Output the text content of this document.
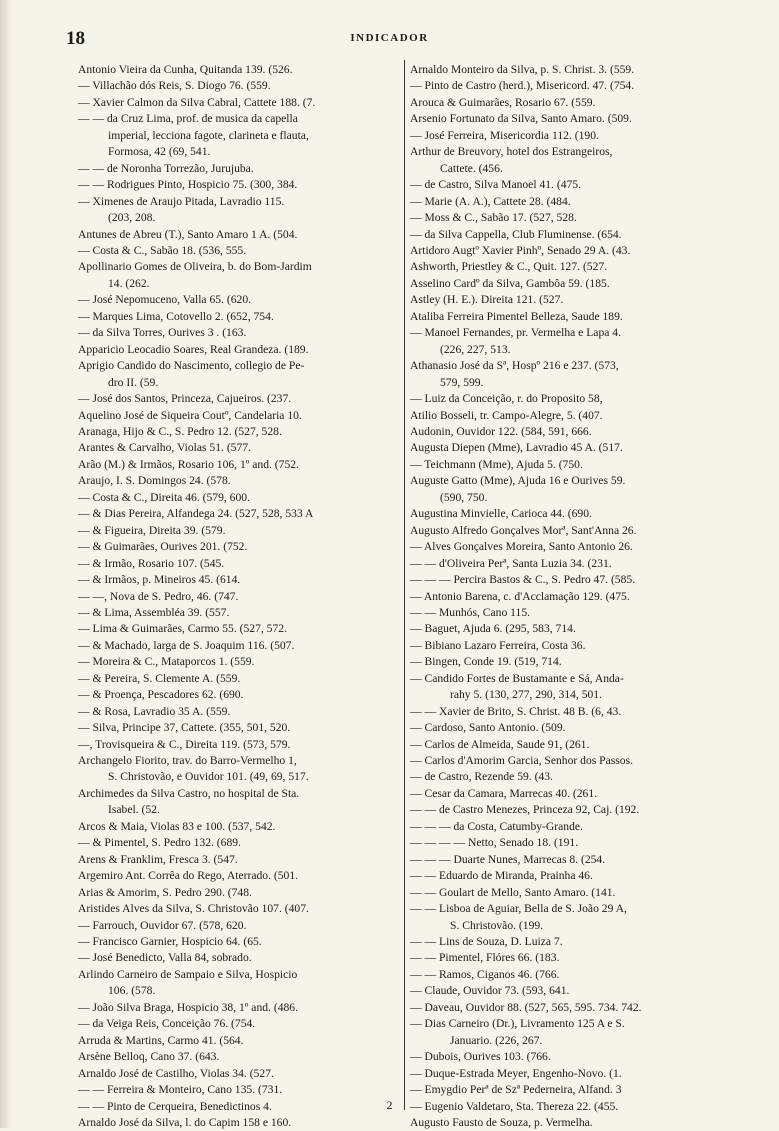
18	INDICADOR
Antonio Vieira da Cunha, Quitanda 139. (526.
— Villachão dós Reis, S. Diogo 76. (559.
— Xavier Calmon da Silva Cabral, Cattete 188. (7.
— — da Cruz Lima, prof. de musica da capella
imperial, lecciona fagote, clarineta e flauta,
Formosa, 42 (69, 541.
— — de Noronha Torrezão, Jurujuba.
— — Rodrigues Pinto, Hospicio 75. (300, 384.
— Ximenes de Araujo Pitada, Lavradio 115.
(203, 208.
Antunes de Abreu (T.), Santo Amaro 1 A. (504.
— Costa & C., Sabão 18. (536, 555.
Apollinario Gomes de Oliveira, b. do Bom-Jardim
14. (262.
— José Nepomuceno, Valla 65. (620.
— Marques Lima, Cotovello 2. (652, 754.
— da Silva Torres, Ourives 3 . (163.
Apparicio Leocadio Soares, Real Grandeza. (189.
Aprigio Candido do Nascimento, collegio de Pe-
dro II. (59.
— José dos Santos, Princeza, Cajueiros. (237.
Aquelino José de Siqueira Coutº, Candelaria 10.
Aranaga, Hijo & C., S. Pedro 12. (527, 528.
Arantes & Carvalho, Violas 51. (577.
Arão (M.) & Irmãos, Rosario 106, 1º and. (752.
Araujo, I. S. Domingos 24. (578.
— Costa & C., Direita 46. (579, 600.
— & Dias Pereira, Alfandega 24. (527, 528, 533 A
— & Figueira, Direita 39. (579.
— & Guimarães, Ourives 201. (752.
— & Irmão, Rosario 107. (545.
— & Irmãos, p. Mineiros 45. (614.
— —, Nova de S. Pedro, 46. (747.
— & Lima, Assembléa 39. (557.
— Lima & Guimarães, Carmo 55. (527, 572.
— & Machado, larga de S. Joaquim 116. (507.
— Moreira & C., Mataporcos 1. (559.
— & Pereira, S. Clemente A. (559.
— & Proença, Pescadores 62. (690.
— & Rosa, Lavradio 35 A. (559.
— Silva, Principe 37, Cattete. (355, 501, 520.
—, Trovisqueira & C., Direita 119. (573, 579.
Archangelo Fiorito, trav. do Barro-Vermelho 1,
S. Christovão, e Ouvidor 101. (49, 69, 517.
Archimedes da Silva Castro, no hospital de Sta.
Isabel. (52.
Arcos & Maia, Violas 83 e 100. (537, 542.
— & Pimentel, S. Pedro 132. (689.
Arens & Franklim, Fresca 3. (547.
Argemiro Ant. Corrêa do Rego, Aterrado. (501.
Arias & Amorim, S. Pedro 290. (748.
Aristides Alves da Silva, S. Christovão 107. (407.
— Farrouch, Ouvidor 67. (578, 620.
— Francisco Garnier, Hospicio 64. (65.
— José Benedicto, Valla 84, sobrado.
Arlindo Carneiro de Sampaio e Silva, Hospicio
106. (578.
— João Silva Braga, Hospicio 38, 1º and. (486.
— da Veiga Reis, Conceição 76. (754.
Arruda & Martins, Carmo 41. (564.
Arsène Belloq, Cano 37. (643.
Arnaldo José de Castilho, Violas 34. (527.
— — Ferreira & Monteiro, Cano 135. (731.
— — Pinto de Cerqueira, Benedictinos 4.
Arnaldo José da Silva, l. do Capim 158 e 160.
Arnaldo Monteiro da Silva, p. S. Christ. 3. (559.
— Pinto de Castro (herd.), Misericord. 47. (754.
Arouca & Guimarães, Rosario 67. (559.
Arsenio Fortunato da Silva, Santo Amaro. (509.
— José Ferreira, Misericordia 112. (190.
Arthur de Breuvory, hotel dos Estrangeiros,
Cattete. (456.
— de Castro, Silva Manoel 41. (475.
— Marie (A. A.), Cattete 28. (484.
— Moss & C., Sabão 17. (527, 528.
— da Silva Cappella, Club Fluminense. (654.
Artidoro Augtº Xavier Pinhº, Senado 29 A. (43.
Ashworth, Priestley & C., Quit. 127. (527.
Asselino Cardº da Silva, Gambôa 59. (185.
Astley (H. E.). Direita 121. (527.
Ataliba Ferreira Pimentel Belleza, Saude 189.
— Manoel Fernandes, pr. Vermelha e Lapa 4.
(226, 227, 513.
Athanasio José da Sª, Hospº 216 e 237. (573,
579, 599.
— Luiz da Conceição, r. do Proposito 58,
Atilio Bosseli, tr. Campo-Alegre, 5. (407.
Audonin, Ouvidor 122. (584, 591, 666.
Augusta Diepen (Mme), Lavradio 45 A. (517.
— Teichmann (Mme), Ajuda 5. (750.
Auguste Gatto (Mme), Ajuda 16 e Ourives 59.
(590, 750.
Augustina Minvielle, Carioca 44. (690.
Augusto Alfredo Gonçalves Morª, Sant'Anna 26.
— Alves Gonçalves Moreira, Santo Antonio 26.
— — d'Oliveira Perª, Santa Luzia 34. (231.
— — — Percira Bastos & C., S. Pedro 47. (585.
— Antonio Barena, c. d'Acclamação 129. (475.
— — Munhós, Cano 115.
— Baguet, Ajuda 6. (295, 583, 714.
— Bibiano Lazaro Ferreira, Costa 36.
— Bingen, Conde 19. (519, 714.
— Candido Fortes de Bustamante e Sá, Anda-
rahy 5. (130, 277, 290, 314, 501.
— — Xavier de Brito, S. Christ. 48 B. (6, 43.
— Cardoso, Santo Antonio. (509.
— Carlos de Almeida, Saude 91, (261.
— Carlos d'Amorim Garcia, Senhor dos Passos.
— de Castro, Rezende 59. (43.
— Cesar da Camara, Marrecas 40. (261.
— — de Castro Menezes, Princeza 92, Caj. (192.
— — — da Costa, Catumby-Grande.
— — — — Netto, Senado 18. (191.
— — — Duarte Nunes, Marrecas 8. (254.
— — Eduardo de Miranda, Prainha 46.
— — Goulart de Mello, Santo Amaro. (141.
— — Lisboa de Aguiar, Bella de S. João 29 A,
S. Christovão. (199.
— — Lins de Souza, D. Luiza 7.
— — Pimentel, Flóres 66. (183.
— — Ramos, Ciganos 46. (766.
— Claude, Ouvidor 73. (593, 641.
— Daveau, Ouvidor 88. (527, 565, 595. 734. 742.
— Dias Carneiro (Dr.), Livramento 125 A e S.
Januario. (226, 267.
— Dubois, Ourives 103. (766.
— Duque-Estrada Meyer, Engenho-Novo. (1.
— Emygdio Perª de Szª Pederneira, Alfand. 3
— Eugenio Valdetaro, Sta. Thereza 22. (455.
Augusto Fausto de Souza, p. Vermelha.
2
